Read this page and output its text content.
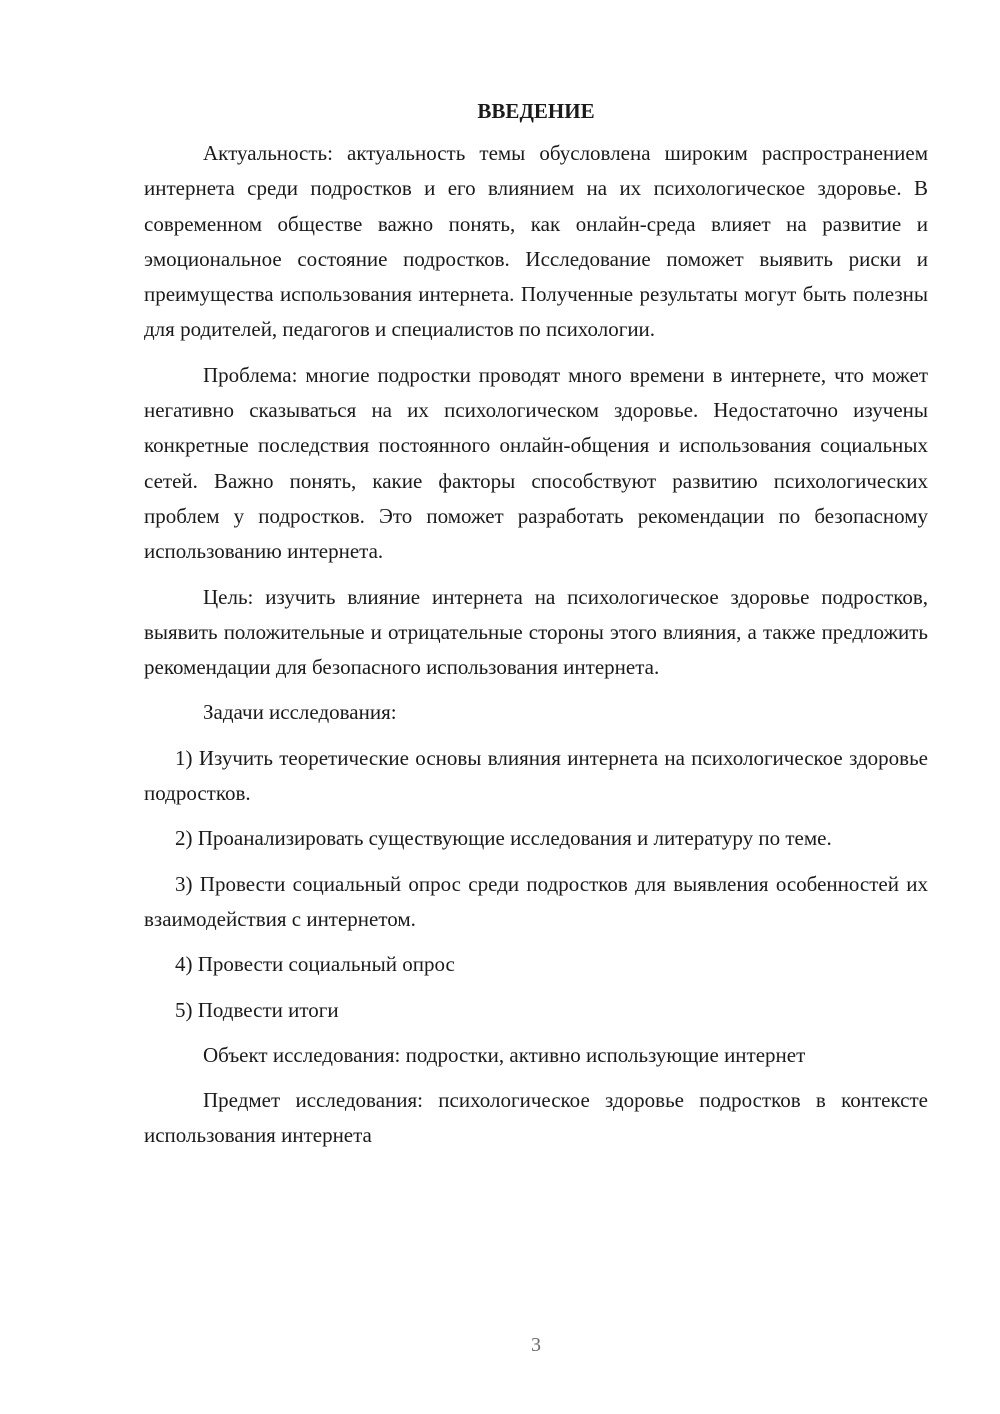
ВВЕДЕНИЕ

Актуальность: актуальность темы обусловлена широким распространением интернета среди подростков и его влиянием на их психологическое здоровье. В современном обществе важно понять, как онлайн-среда влияет на развитие и эмоциональное состояние подростков. Исследование поможет выявить риски и преимущества использования интернета. Полученные результаты могут быть полезны для родителей, педагогов и специалистов по психологии.

Проблема: многие подростки проводят много времени в интернете, что может негативно сказываться на их психологическом здоровье. Недостаточно изучены конкретные последствия постоянного онлайн-общения и использования социальных сетей. Важно понять, какие факторы способствуют развитию психологических проблем у подростков. Это поможет разработать рекомендации по безопасному использованию интернета.

Цель: изучить влияние интернета на психологическое здоровье подростков, выявить положительные и отрицательные стороны этого влияния, а также предложить рекомендации для безопасного использования интернета.

Задачи исследования:

1) Изучить теоретические основы влияния интернета на психологическое здоровье подростков.

2) Проанализировать существующие исследования и литературу по теме.

3) Провести социальный опрос среди подростков для выявления особенностей их взаимодействия с интернетом.

4) Провести социальный опрос

5) Подвести итоги

Объект исследования: подростки, активно использующие интернет

Предмет исследования: психологическое здоровье подростков в контексте использования интернета

3
